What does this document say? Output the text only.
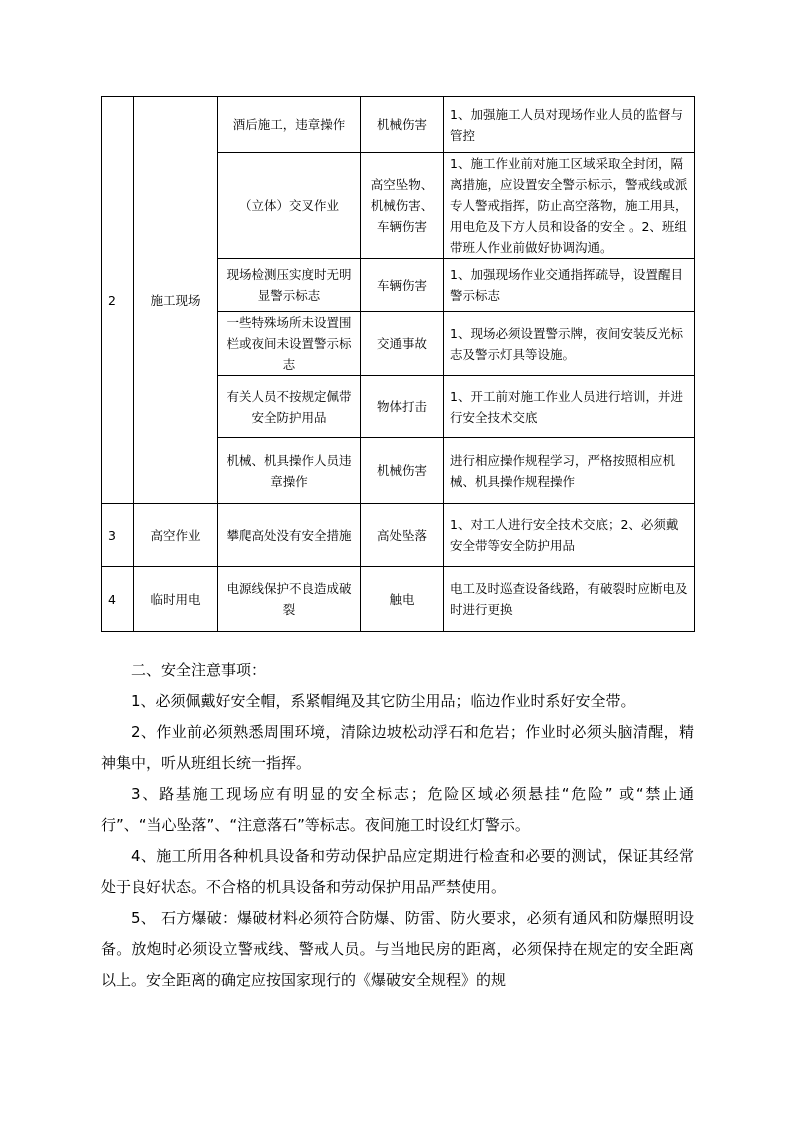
2	施工现场	酒后施工，违章操作	机械伤害	1、加强施工人员对现场作业人员的监督与管控
		（立体）交叉作业	高空坠物、机械伤害、车辆伤害	1、施工作业前对施工区域采取全封闭，隔离措施，应设置安全警示标示，警戒线或派专人警戒指挥，防止高空落物，施工用具，用电危及下方人员和设备的安全 。2、班组带班人作业前做好协调沟通。
		现场检测压实度时无明显警示标志	车辆伤害	1、加强现场作业交通指挥疏导，设置醒目警示标志
		一些特殊场所未设置围栏或夜间未设置警示标志	交通事故	1、现场必须设置警示牌，夜间安装反光标志及警示灯具等设施。
		有关人员不按规定佩带安全防护用品	物体打击	1、开工前对施工作业人员进行培训，并进行安全技术交底
		机械、机具操作人员违章操作	机械伤害	进行相应操作规程学习，严格按照相应机械、机具操作规程操作
3	高空作业	攀爬高处没有安全措施	高处坠落	1、对工人进行安全技术交底；2、必须戴安全带等安全防护用品
4	临时用电	电源线保护不良造成破裂	触电	电工及时巡查设备线路，有破裂时应断电及时进行更换

二、安全注意事项：

1、必须佩戴好安全帽，系紧帽绳及其它防尘用品；临边作业时系好安全带。

2、作业前必须熟悉周围环境，清除边坡松动浮石和危岩；作业时必须头脑清醒，精神集中，听从班组长统一指挥。

3、路基施工现场应有明显的安全标志；危险区域必须悬挂“危险” 或“禁止通行”、“当心坠落”、“注意落石”等标志。夜间施工时设红灯警示。

4、施工所用各种机具设备和劳动保护品应定期进行检查和必要的测试，保证其经常处于良好状态。不合格的机具设备和劳动保护用品严禁使用。

5、 石方爆破：爆破材料必须符合防爆、防雷、防火要求，必须有通风和防爆照明设备。放炮时必须设立警戒线、警戒人员。与当地民房的距离，必须保持在规定的安全距离以上。安全距离的确定应按国家现行的《爆破安全规程》的规
